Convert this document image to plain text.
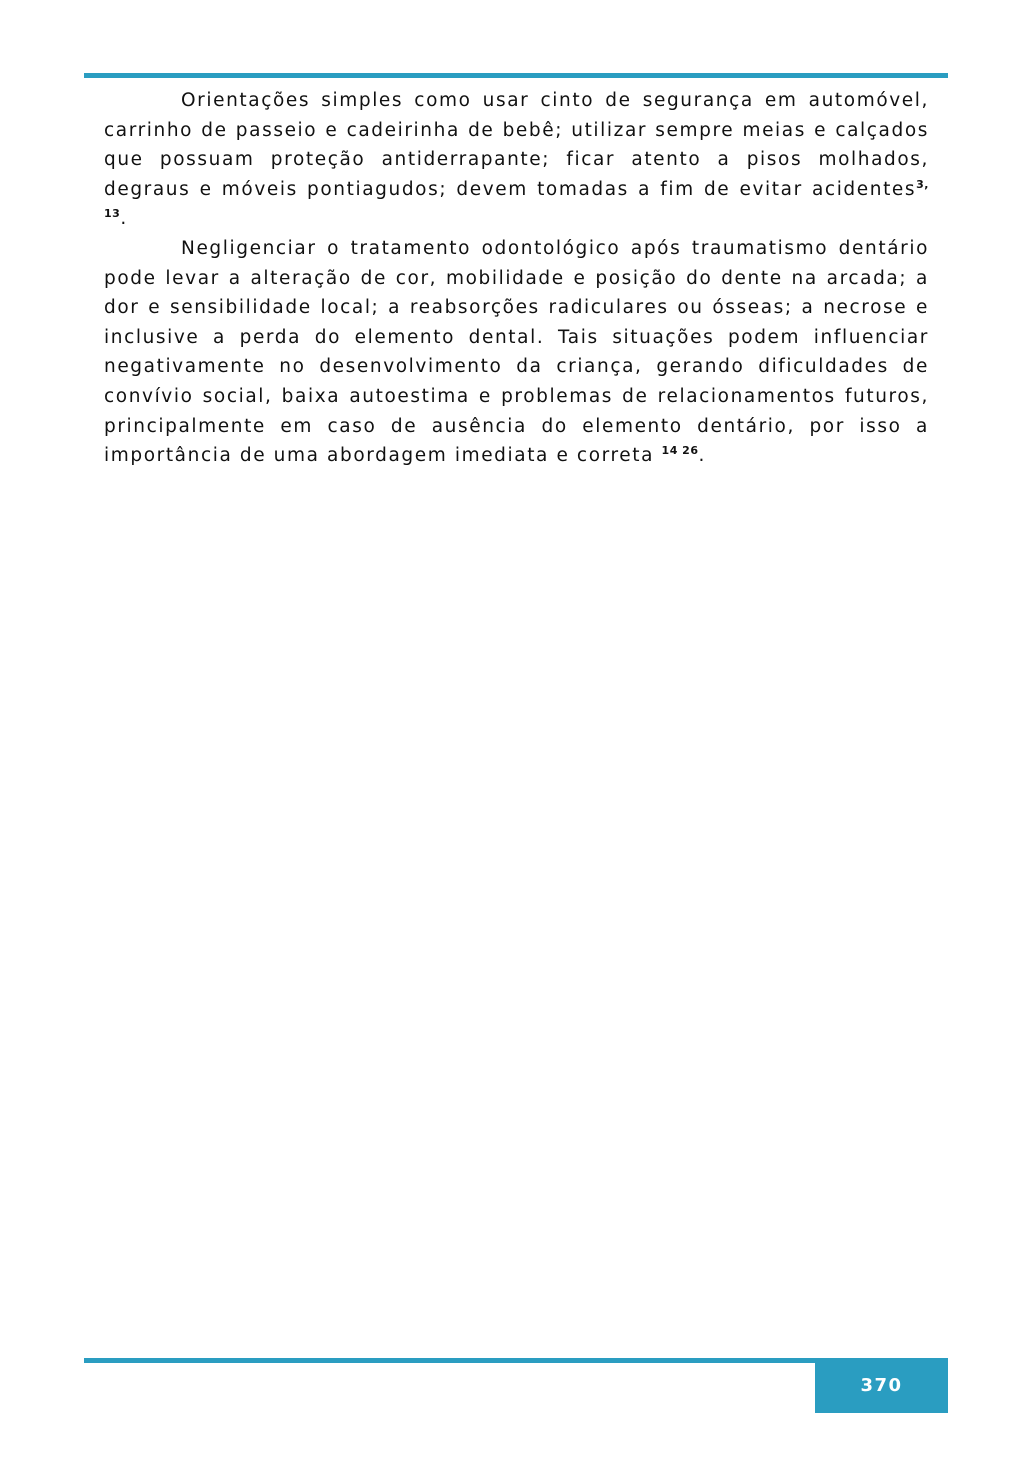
Orientações simples como usar cinto de segurança em automóvel, carrinho de passeio e cadeirinha de bebê; utilizar sempre meias e calçados que possuam proteção antiderrapante; ficar atento a pisos molhados, degraus e móveis pontiagudos; devem tomadas a fim de evitar acidentes$^{3, 13}$.

Negligenciar o tratamento odontológico após traumatismo dentário pode levar a alteração de cor, mobilidade e posição do dente na arcada; a dor e sensibilidade local; a reabsorções radiculares ou ósseas; a necrose e inclusive a perda do elemento dental. Tais situações podem influenciar negativamente no desenvolvimento da criança, gerando dificuldades de convívio social, baixa autoestima e problemas de relacionamentos futuros, principalmente em caso de ausência do elemento dentário, por isso a importância de uma abordagem imediata e correta $^{14 26}$.

370
